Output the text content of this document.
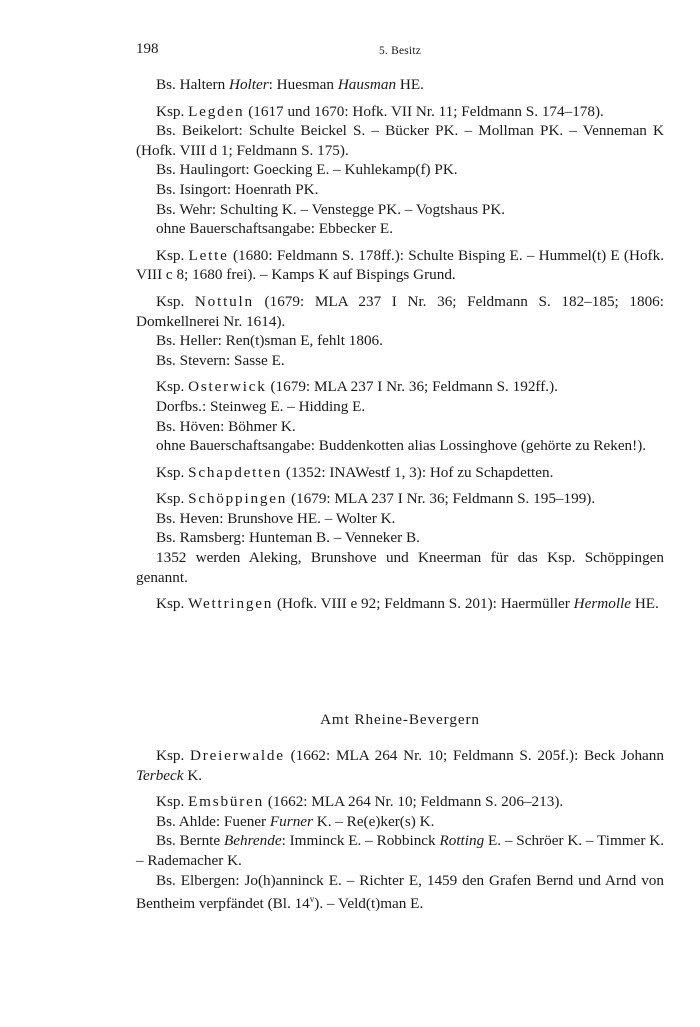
198	5. Besitz

Bs. Haltern Holter: Huesman Hausman HE.

Ksp. Legden (1617 und 1670: Hofk. VII Nr. 11; Feldmann S. 174–178).

Bs. Beikelort: Schulte Beickel S. – Bücker PK. – Mollman PK. – Venneman K (Hofk. VIII d 1; Feldmann S. 175).

Bs. Haulingort: Goecking E. – Kuhlekamp(f) PK.

Bs. Isingort: Hoenrath PK.

Bs. Wehr: Schulting K. – Venstegge PK. – Vogtshaus PK.

ohne Bauerschaftsangabe: Ebbecker E.

Ksp. Lette (1680: Feldmann S. 178ff.): Schulte Bisping E. – Hummel(t) E (Hofk. VIII c 8; 1680 frei). – Kamps K auf Bispings Grund.

Ksp. Nottuln (1679: MLA 237 I Nr. 36; Feldmann S. 182–185; 1806: Domkellnerei Nr. 1614).

Bs. Heller: Ren(t)sman E, fehlt 1806.

Bs. Stevern: Sasse E.

Ksp. Osterwick (1679: MLA 237 I Nr. 36; Feldmann S. 192ff.).

Dorfbs.: Steinweg E. – Hidding E.

Bs. Höven: Böhmer K.

ohne Bauerschaftsangabe: Buddenkotten alias Lossinghove (gehörte zu Reken!).

Ksp. Schapdetten (1352: INAWestf 1, 3): Hof zu Schapdetten.

Ksp. Schöppingen (1679: MLA 237 I Nr. 36; Feldmann S. 195–199).

Bs. Heven: Brunshove HE. – Wolter K.

Bs. Ramsberg: Hunteman B. – Venneker B.

1352 werden Aleking, Brunshove und Kneerman für das Ksp. Schöppingen genannt.

Ksp. Wettringen (Hofk. VIII e 92; Feldmann S. 201): Haermüller Hermolle HE.

Amt Rheine-Bevergern

Ksp. Dreierwalde (1662: MLA 264 Nr. 10; Feldmann S. 205f.): Beck Johann Terbeck K.

Ksp. Emsbüren (1662: MLA 264 Nr. 10; Feldmann S. 206–213).

Bs. Ahlde: Fuener Furner K. – Re(e)ker(s) K.

Bs. Bernte Behrende: Imminck E. – Robbinck Rotting E. – Schröer K. – Timmer K. – Rademacher K.

Bs. Elbergen: Jo(h)anninck E. – Richter E, 1459 den Grafen Bernd und Arnd von Bentheim verpfändet (Bl. 14$^v$). – Veld(t)man E.
